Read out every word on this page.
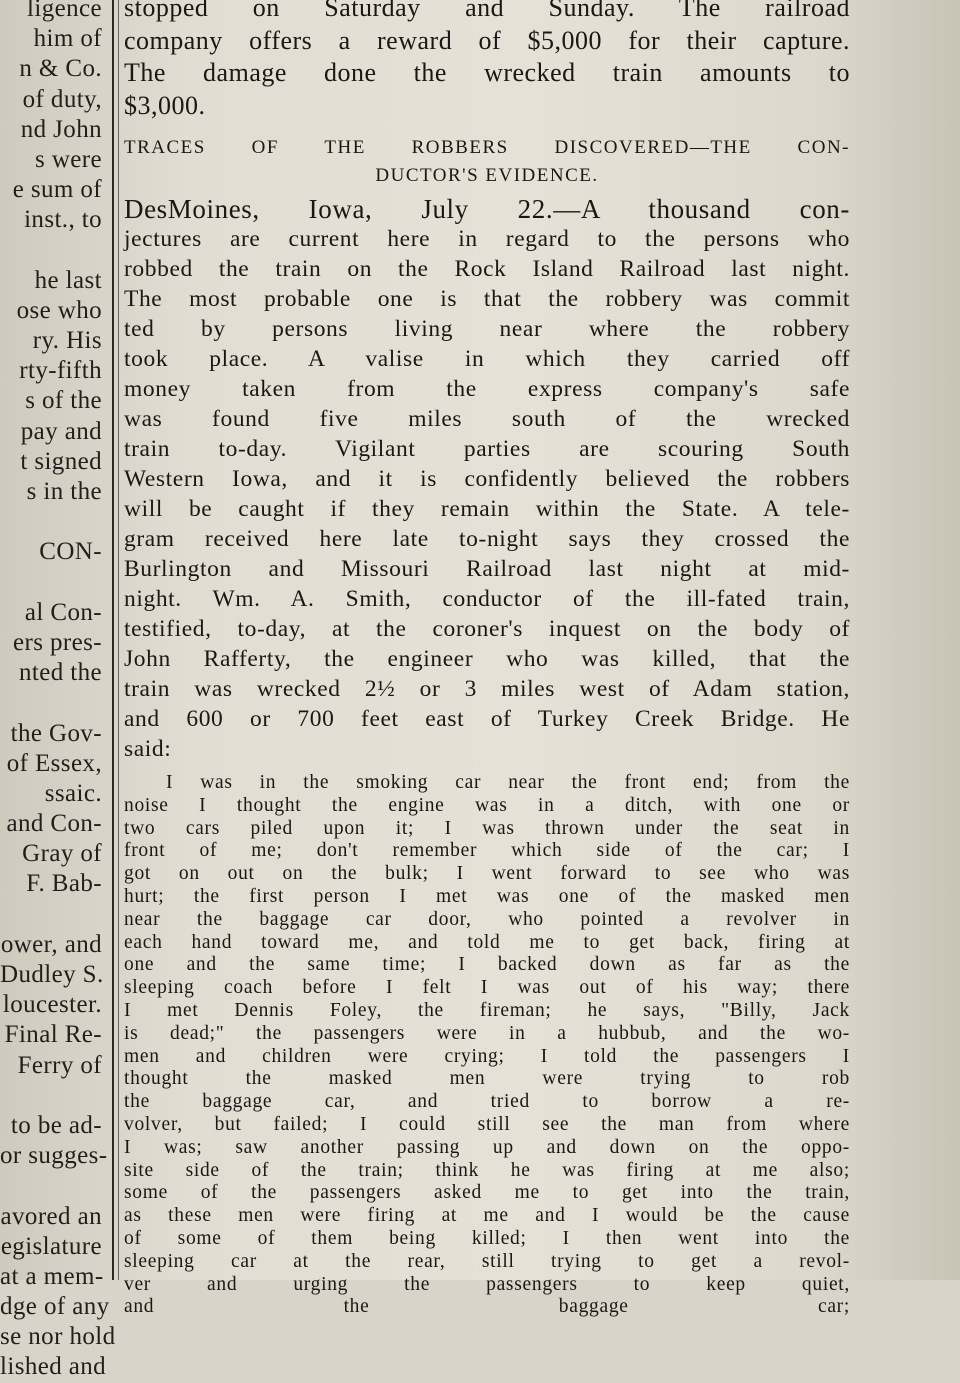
ligence
him of
n & Co.
of duty,
nd John
s were
e sum of
inst., to

he last
ose who
ry. His
rty-fifth
s of the
pay and
t signed
s in the

CON-

al Con-
ers pres-
nted the

the Gov-
of Essex,
ssaic.
and Con-
Gray of
F. Bab-

ower, and
Dudley S.
loucester.
Final Re-
Ferry of

to be ad-
or sugges-

avored an
egislature
at a mem-
dge of any
se nor hold
lished and
stopped on Saturday and Sunday. The railroad
company offers a reward of $5,000 for their capture.
The damage done the wrecked train amounts to
$3,000.
TRACES OF THE ROBBERS DISCOVERED—THE CON-
DUCTOR'S EVIDENCE.
DesMoines, Iowa, July 22.—A thousand con-
jectures are current here in regard to the persons who
robbed the train on the Rock Island Railroad last night.
The most probable one is that the robbery was commit
ted by persons living near where the robbery
took place. A valise in which they carried off
money taken from the express company's safe
was found five miles south of the wrecked
train to-day. Vigilant parties are scouring South
Western Iowa, and it is confidently believed the robbers
will be caught if they remain within the State. A tele-
gram received here late to-night says they crossed the
Burlington and Missouri Railroad last night at mid-
night. Wm. A. Smith, conductor of the ill-fated train,
testified, to-day, at the coroner's inquest on the body of
John Rafferty, the engineer who was killed, that the
train was wrecked 2½ or 3 miles west of Adam station,
and 600 or 700 feet east of Turkey Creek Bridge. He
said:
I was in the smoking car near the front end; from the
noise I thought the engine was in a ditch, with one or
two cars piled upon it; I was thrown under the seat in
front of me; don't remember which side of the car; I
got on out on the bulk; I went forward to see who was
hurt; the first person I met was one of the masked men
near the baggage car door, who pointed a revolver in
each hand toward me, and told me to get back, firing at
one and the same time; I backed down as far as the
sleeping coach before I felt I was out of his way; there
I met Dennis Foley, the fireman; he says, "Billy, Jack
is dead;" the passengers were in a hubbub, and the wo-
men and children were crying; I told the passengers I
thought the masked men were trying to rob
the baggage car, and tried to borrow a re-
volver, but failed; I could still see the man from where
I was; saw another passing up and down on the oppo-
site side of the train; think he was firing at me also;
some of the passengers asked me to get into the train,
as these men were firing at me and I would be the cause
of some of them being killed; I then went into the
sleeping car at the rear, still trying to get a revol-
ver and urging the passengers to keep quiet,
and the baggage car;
